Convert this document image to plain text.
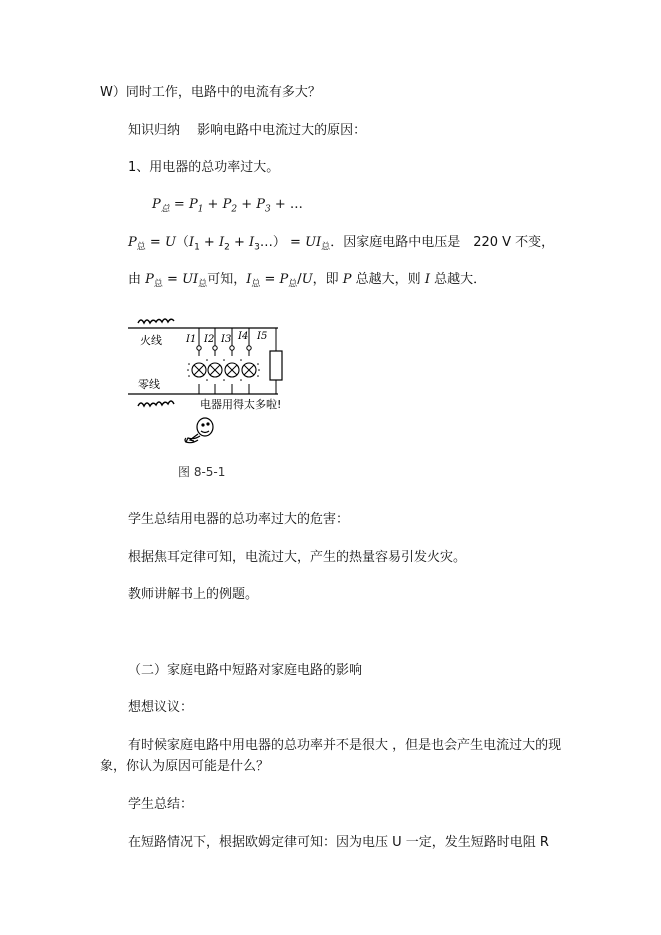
W）同时工作，电路中的电流有多大？
知识归纳　 影响电路中电流过大的原因：
1、用电器的总功率过大。
$P_总 = P_1 + P_2 + P_3$ + …
$P_总 = U(I_1 + I_2$ + $I_3\dots) = UI_总$．因家庭电路中电压是　220 V 不变，
由 $P_总 = UI_总$可知，$I_总 = P_总/U$，即 P 总越大，则 I 总越大．
火线 I1 I2 I3 I4 I5
零线
电器用得太多啦!
图 8-5-1
学生总结用电器的总功率过大的危害：
根据焦耳定律可知，电流过大，产生的热量容易引发火灾。
教师讲解书上的例题。
（二）家庭电路中短路对家庭电路的影响
想想议议：
有时候家庭电路中用电器的总功率并不是很大 ，但是也会产生电流过大的现
象，你认为原因可能是什么？
学生总结：
在短路情况下，根据欧姆定律可知：因为电压 U 一定，发生短路时电阻 R
